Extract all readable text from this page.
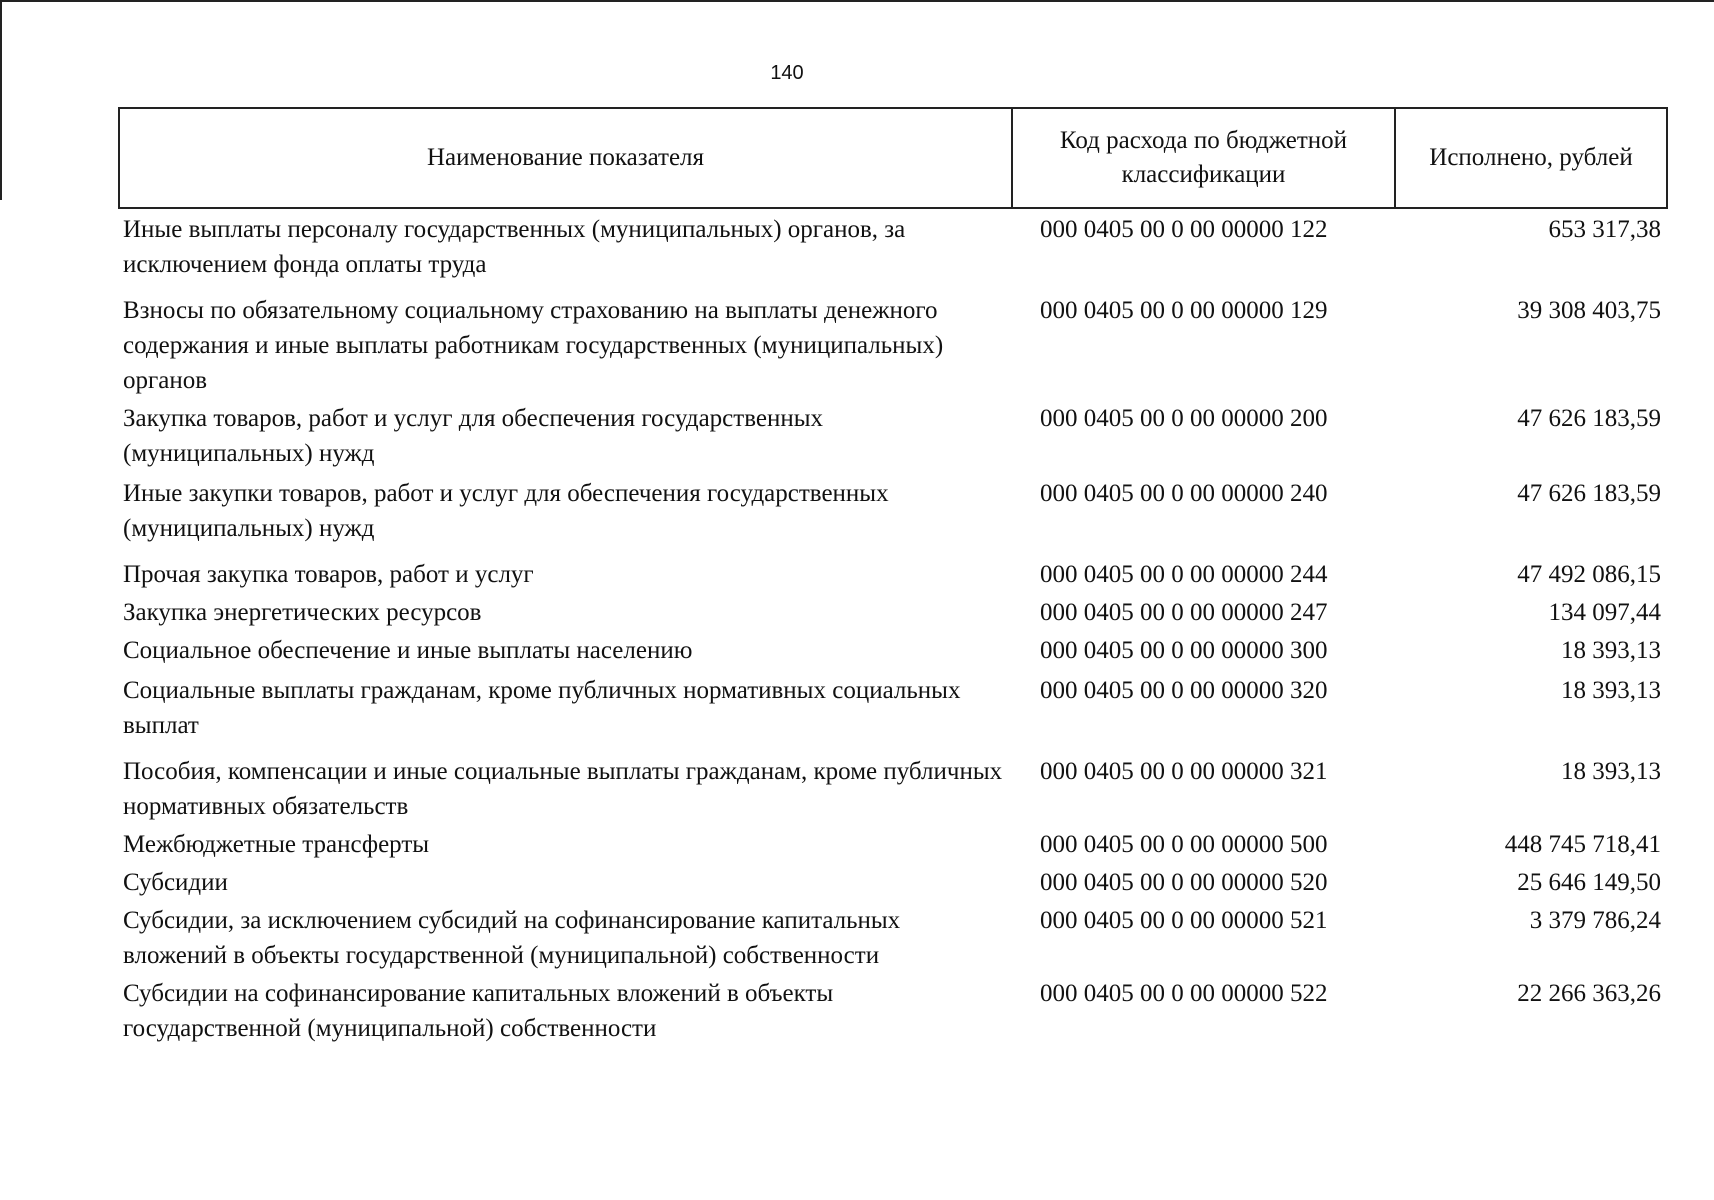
140
Наименование показателя	Код расхода по бюджетной классификации	Исполнено, рублей
Иные выплаты персоналу государственных (муниципальных) органов, за исключением фонда оплаты труда	000 0405 00 0 00 00000 122	653 317,38
Взносы по обязательному социальному страхованию на выплаты денежного содержания и иные выплаты работникам государственных (муниципальных) органов	000 0405 00 0 00 00000 129	39 308 403,75
Закупка товаров, работ и услуг для обеспечения государственных (муниципальных) нужд	000 0405 00 0 00 00000 200	47 626 183,59
Иные закупки товаров, работ и услуг для обеспечения государственных (муниципальных) нужд	000 0405 00 0 00 00000 240	47 626 183,59
Прочая закупка товаров, работ и услуг	000 0405 00 0 00 00000 244	47 492 086,15
Закупка энергетических ресурсов	000 0405 00 0 00 00000 247	134 097,44
Социальное обеспечение и иные выплаты населению	000 0405 00 0 00 00000 300	18 393,13
Социальные выплаты гражданам, кроме публичных нормативных социальных выплат	000 0405 00 0 00 00000 320	18 393,13
Пособия, компенсации и иные социальные выплаты гражданам, кроме публичных нормативных обязательств	000 0405 00 0 00 00000 321	18 393,13
Межбюджетные трансферты	000 0405 00 0 00 00000 500	448 745 718,41
Субсидии	000 0405 00 0 00 00000 520	25 646 149,50
Субсидии, за исключением субсидий на софинансирование капитальных вложений в объекты государственной (муниципальной) собственности	000 0405 00 0 00 00000 521	3 379 786,24
Субсидии на софинансирование капитальных вложений в объекты государственной (муниципальной) собственности	000 0405 00 0 00 00000 522	22 266 363,26
